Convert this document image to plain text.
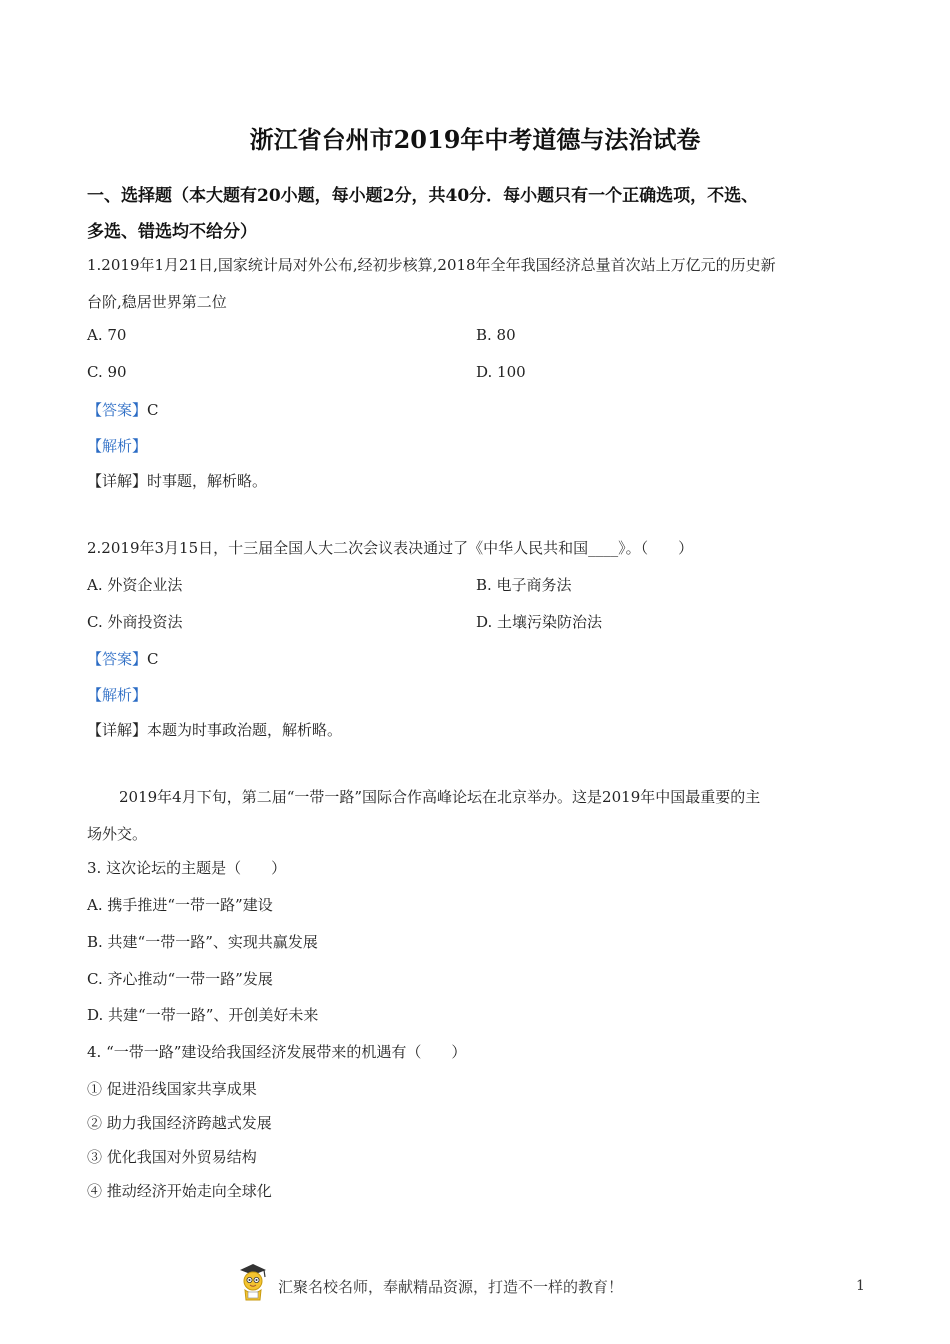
浙江省台州市2019年中考道德与法治试卷
一、选择题（本大题有20小题，每小题2分，共40分．每小题只有一个正确选项，不选、
多选、错选均不给分）
1.2019年1月21日,国家统计局对外公布,经初步核算,2018年全年我国经济总量首次站上万亿元的历史新
台阶,稳居世界第二位
A. 70	B. 80
C. 90	D. 100
【答案】C
【解析】
【详解】时事题，解析略。
2.2019年3月15日，十三届全国人大二次会议表决通过了《中华人民共和国____》。（　　）
A. 外资企业法	B. 电子商务法
C. 外商投资法	D. 土壤污染防治法
【答案】C
【解析】
【详解】本题为时事政治题，解析略。
2019年4月下旬，第二届“一带一路”国际合作高峰论坛在北京举办。这是2019年中国最重要的主
场外交。
3. 这次论坛的主题是（　　）
A. 携手推进“一带一路”建设
B. 共建“一带一路”、实现共赢发展
C. 齐心推动“一带一路”发展
D. 共建“一带一路”、开创美好未来
4. “一带一路”建设给我国经济发展带来的机遇有（　　）
① 促进沿线国家共享成果
② 助力我国经济跨越式发展
③ 优化我国对外贸易结构
④ 推动经济开始走向全球化
汇聚名校名师，奉献精品资源，打造不一样的教育！	1
